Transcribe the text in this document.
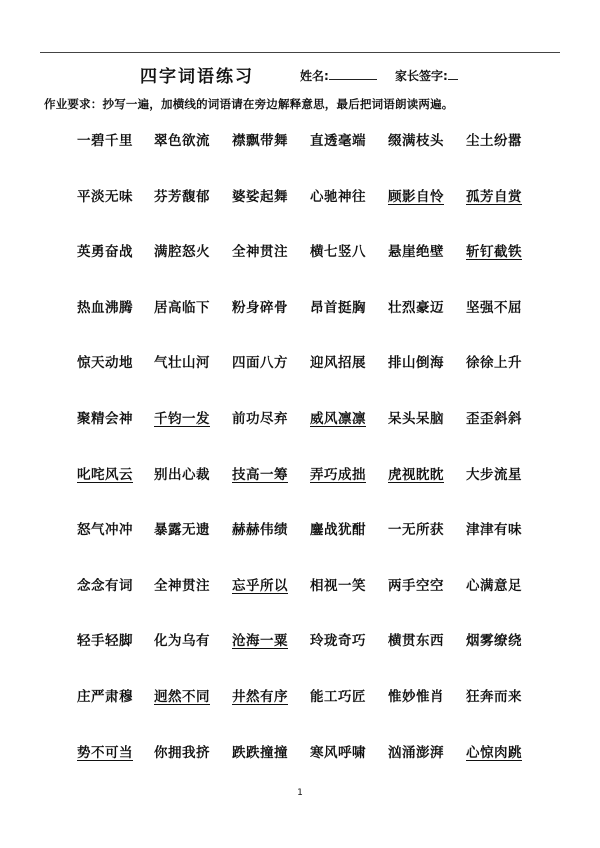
四字词语练习	姓名:	家长签字:
作业要求：抄写一遍，加横线的词语请在旁边解释意思，最后把词语朗读两遍。
一碧千里 翠色欲流 襟飘带舞 直透毫端 缀满枝头 尘土纷嚣
平淡无味 芬芳馥郁 婆娑起舞 心驰神往 顾影自怜 孤芳自赏
英勇奋战 满腔怒火 全神贯注 横七竖八 悬崖绝壁 斩钉截铁
热血沸腾 居高临下 粉身碎骨 昂首挺胸 壮烈豪迈 坚强不屈
惊天动地 气壮山河 四面八方 迎风招展 排山倒海 徐徐上升
聚精会神 千钧一发 前功尽弃 威风凛凛 呆头呆脑 歪歪斜斜
叱咤风云 别出心裁 技高一筹 弄巧成拙 虎视眈眈 大步流星
怒气冲冲 暴露无遗 赫赫伟绩 鏖战犹酣 一无所获 津津有味
念念有词 全神贯注 忘乎所以 相视一笑 两手空空 心满意足
轻手轻脚 化为乌有 沧海一粟 玲珑奇巧 横贯东西 烟雾缭绕
庄严肃穆 迥然不同 井然有序 能工巧匠 惟妙惟肖 狂奔而来
势不可当 你拥我挤 跌跌撞撞 寒风呼啸 汹涌澎湃 心惊肉跳
1
